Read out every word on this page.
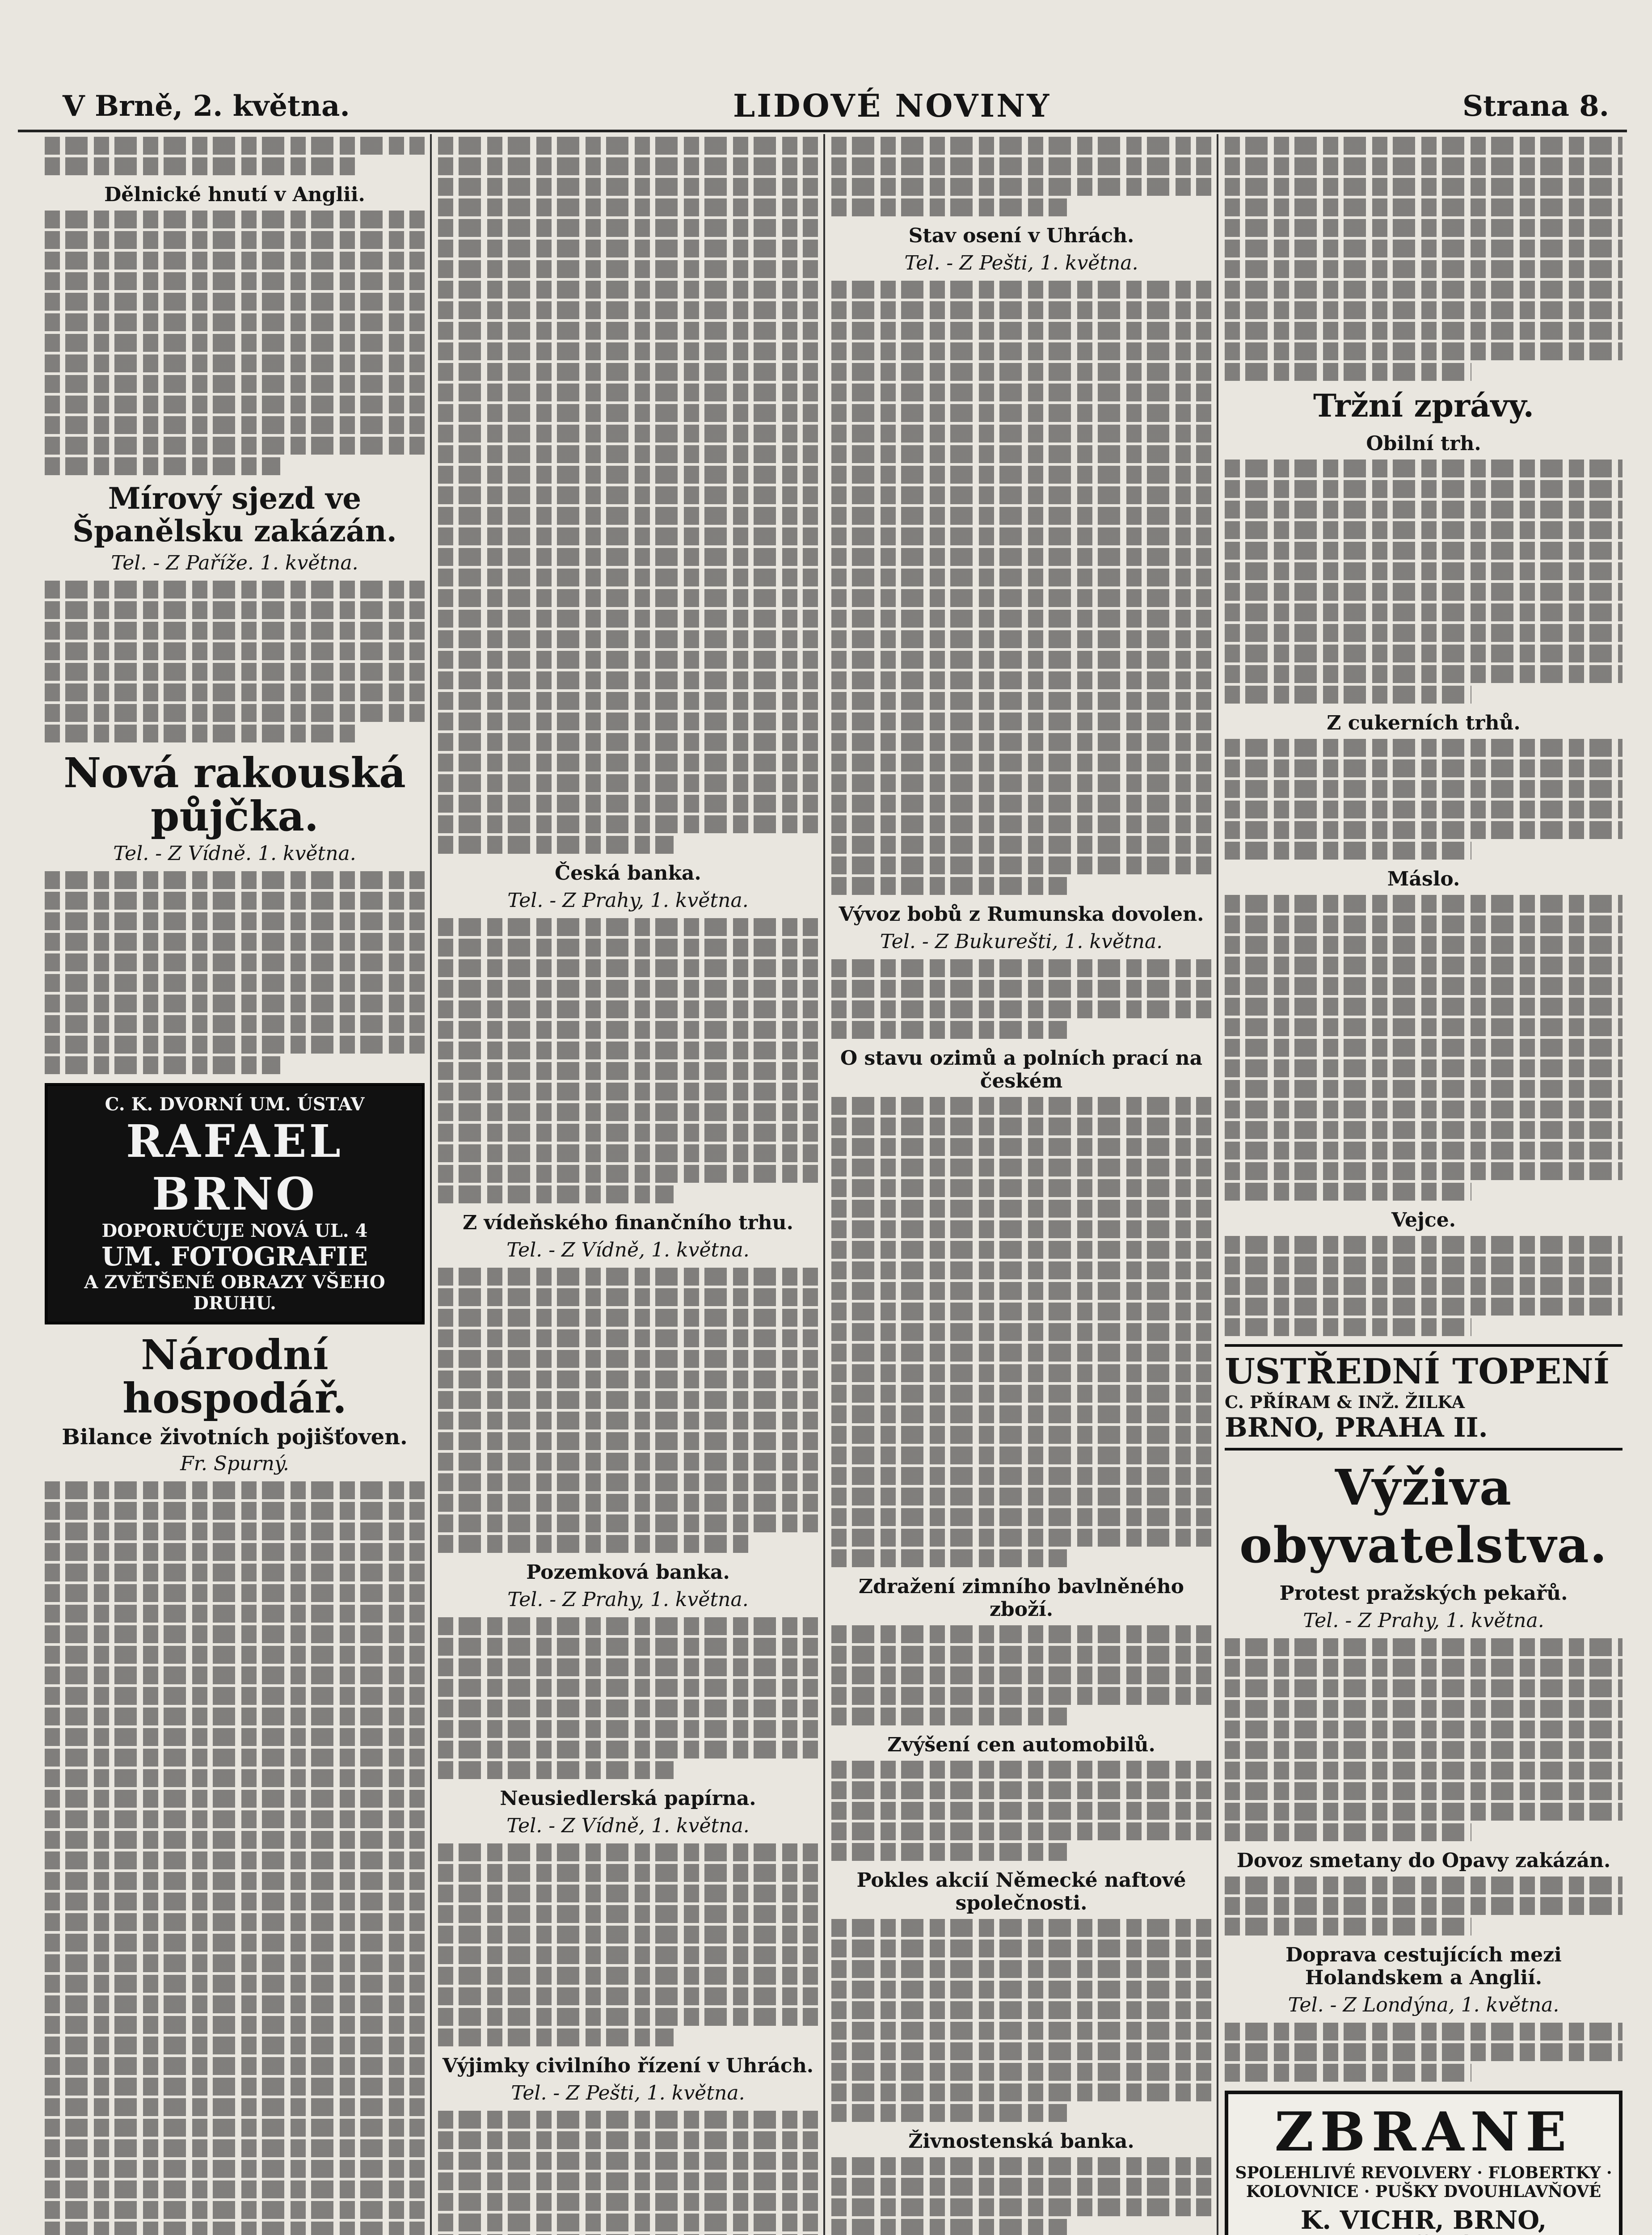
V Brně, 2. května.	LIDOVÉ NOVINY	Strana 8.
Dělnické hnutí v Anglii.
Mírový sjezd ve Španělsku zakázán.
Tel. - Z Paříže. 1. května.
Nová rakouská půjčka.
Tel. - Z Vídně. 1. května.
C. K. DVORNÍ UM. ÚSTAV
RAFAEL BRNO
DOPORUČUJE NOVÁ UL. 4
UM. FOTOGRAFIE
A ZVĚTŠENÉ OBRAZY VŠEHO DRUHU.
Národní hospodář.
Bilance životních pojišťoven.
Fr. Spurný.
Česká banka.
Tel. - Z Prahy, 1. května.
Z vídeňského finančního trhu.
Tel. - Z Vídně, 1. května.
Pozemková banka.
Tel. - Z Prahy, 1. května.
Neusiedlerská papírna.
Tel. - Z Vídně, 1. května.
Výjimky civilního řízení v Uhrách.
Tel. - Z Pešti, 1. května.
Stav osení v Uhrách.
Tel. - Z Pešti, 1. května.
Vývoz bobů z Rumunska dovolen.
Tel. - Z Bukurešti, 1. května.
O stavu ozimů a polních prací na českém
Zdražení zimního bavlněného zboží.
Zvýšení cen automobilů.
Pokles akcií Německé naftové společnosti.
Živnostenská banka.
Tržní zprávy.
Obilní trh.
Z cukerních trhů.
Máslo.
Vejce.
USTŘEDNÍ TOPENÍ
C. PŘÍRAM & INŽ. ŽILKA
BRNO, PRAHA II.
Výživa obyvatelstva.
Protest pražských pekařů.
Tel. - Z Prahy, 1. května.
Dovoz smetany do Opavy zakázán.
Doprava cestujících mezi Holandskem a Anglií.
Tel. - Z Londýna, 1. května.
ZBRANE
SPOLEHLIVÉ REVOLVERY · FLOBERTKY · KOLOVNICE · PUŠKY DVOUHLAVŇOVÉ
K. VICHR, BRNO,
